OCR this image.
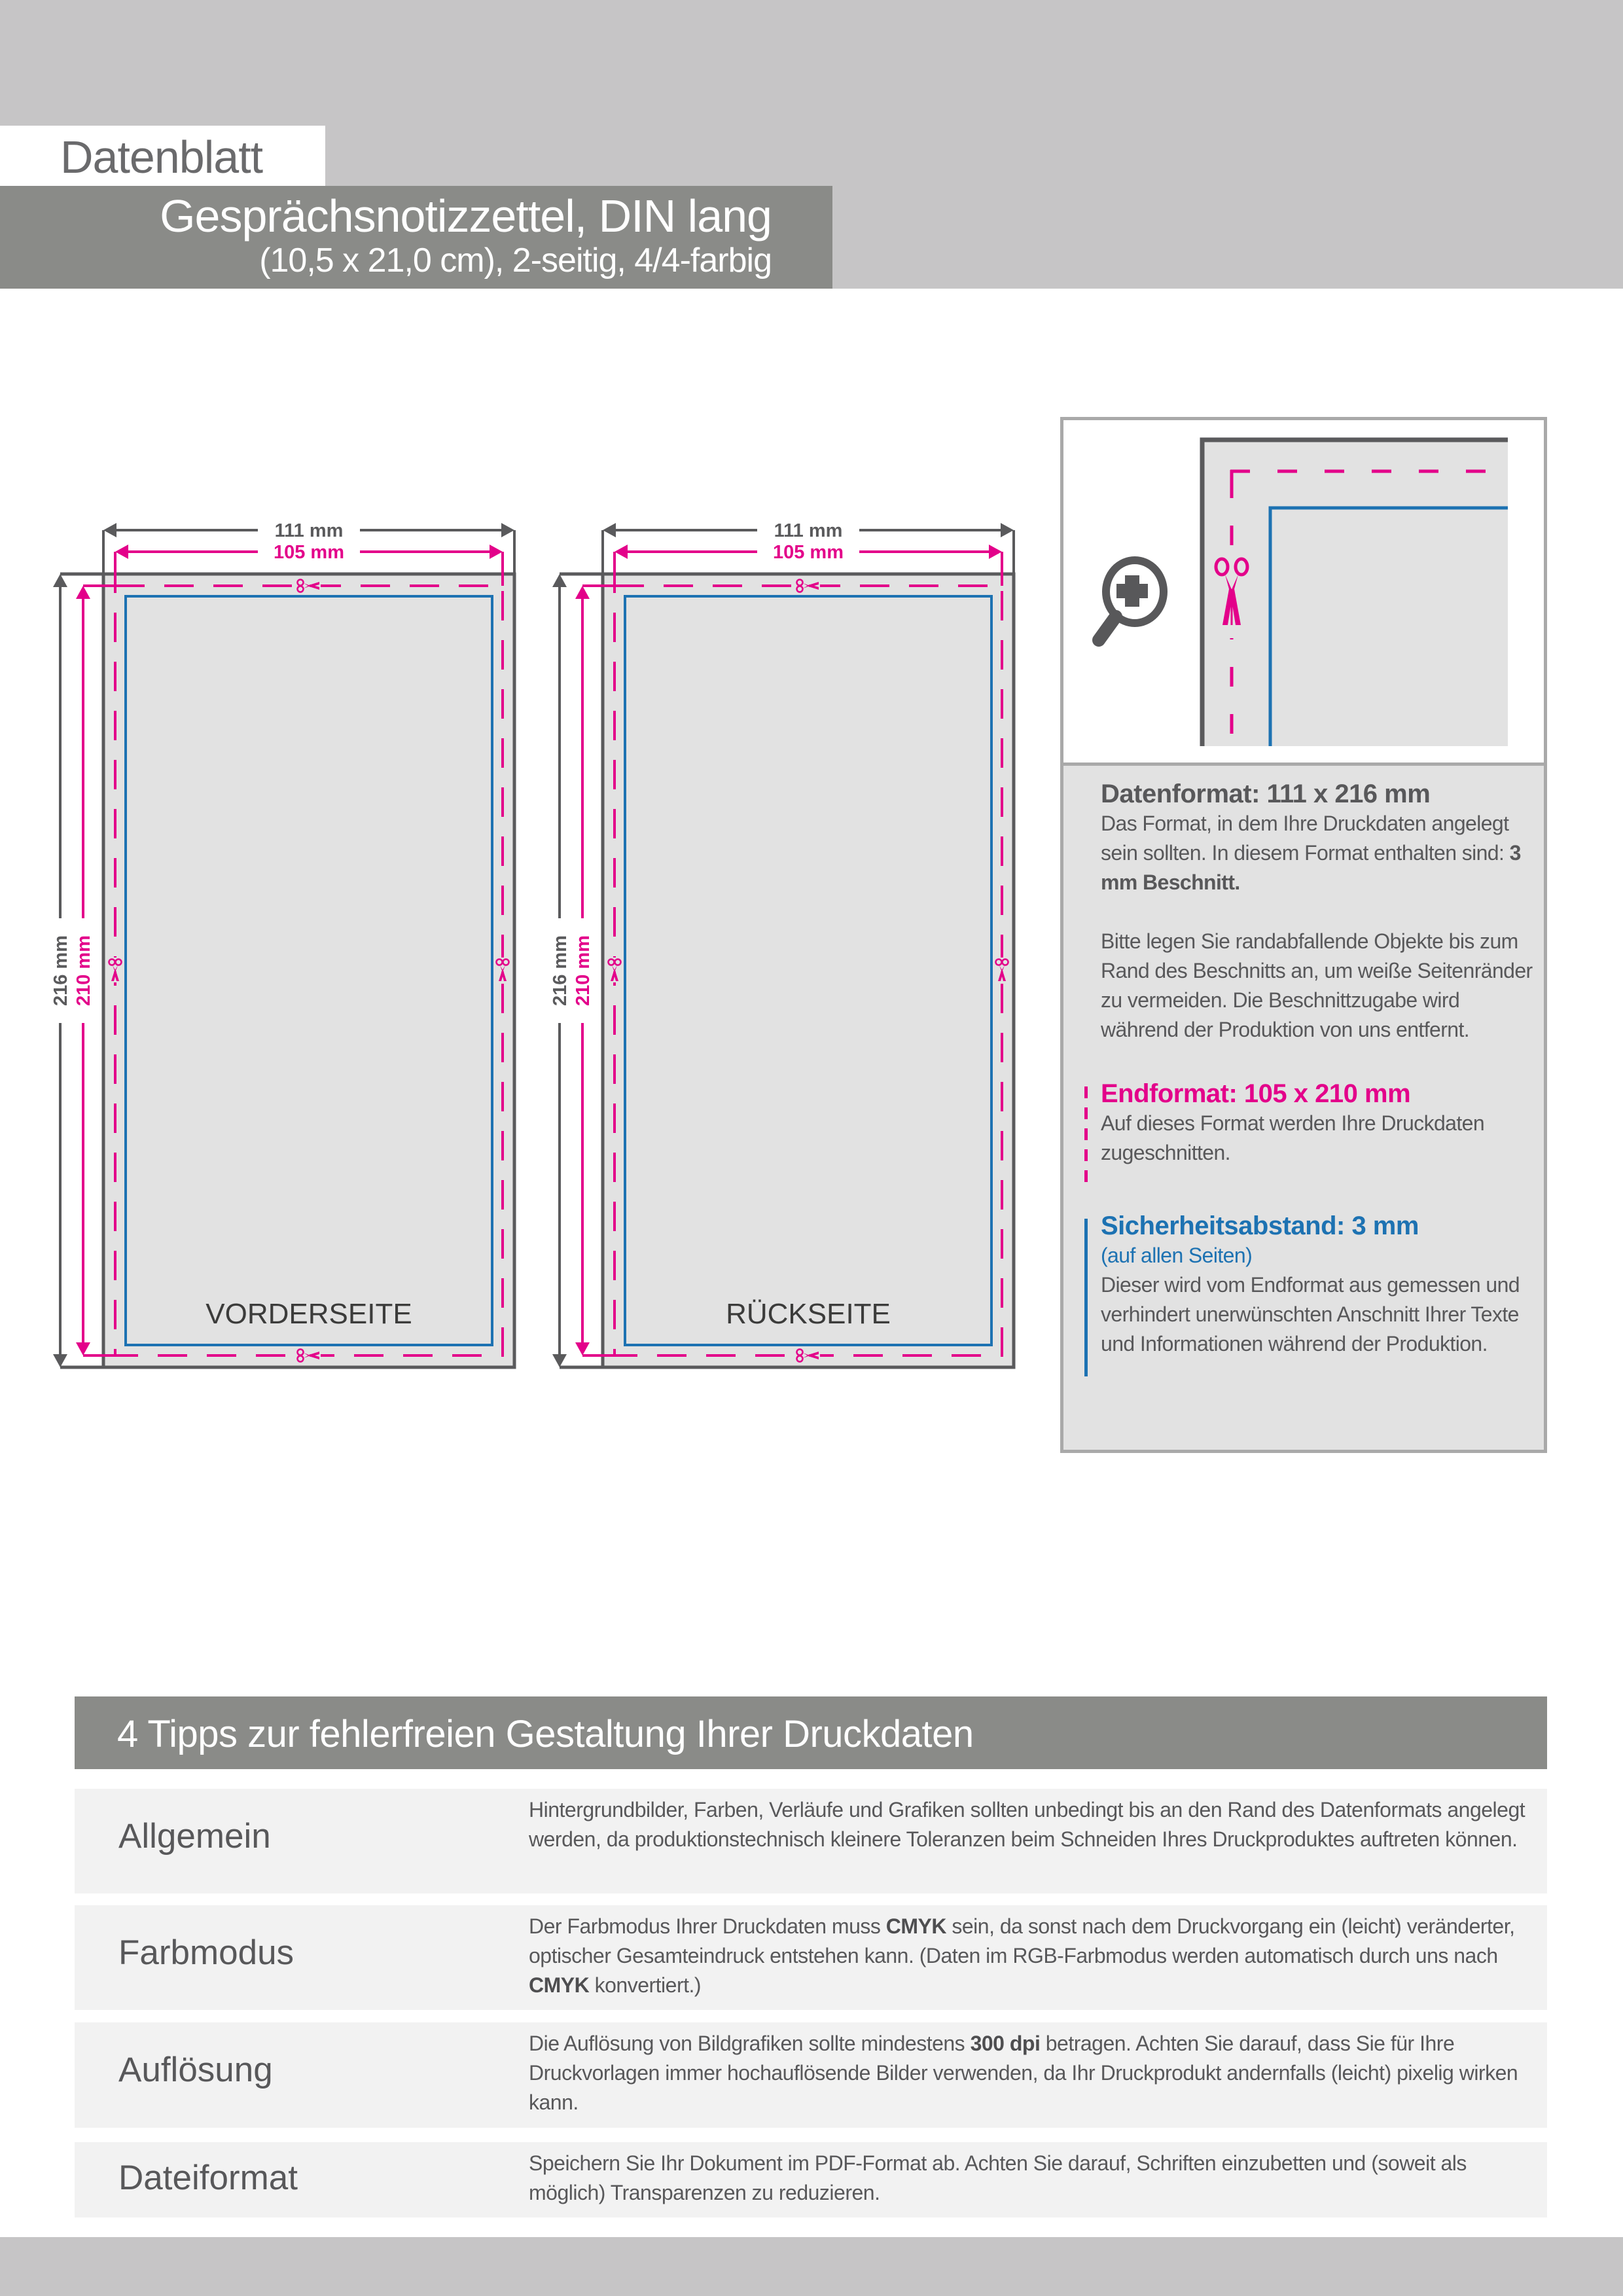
Datenblatt
Gesprächsnotizzettel, DIN lang
(10,5 x 21,0 cm), 2-seitig, 4/4-farbig
111 mm
105 mm
216 mm 210 mm
VORDERSEITE
111 mm
105 mm
216 mm 210 mm
RÜCKSEITE
Datenformat: 111 x 216 mm

Das Format, in dem Ihre Druckdaten angelegt sein sollten. In diesem Format enthalten sind: 3 mm Beschnitt.

Bitte legen Sie randabfallende Objekte bis zum Rand des Beschnitts an, um weiße Seitenränder zu vermeiden. Die Beschnittzugabe wird während der Produktion von uns entfernt.

Endformat: 105 x 210 mm

Auf dieses Format werden Ihre Druckdaten zugeschnitten.

Sicherheitsabstand: 3 mm

(auf allen Seiten)

Dieser wird vom Endformat aus gemessen und verhindert unerwünschten Anschnitt Ihrer Texte und Informationen während der Produktion.

4 Tipps zur fehlerfreien Gestaltung Ihrer Druckdaten
Allgemein
Hintergrundbilder, Farben, Verläufe und Grafiken sollten unbedingt bis an den Rand des Datenformats angelegt werden, da produktionstechnisch kleinere Toleranzen beim Schneiden Ihres Druckproduktes auftreten können.
Farbmodus
Der Farbmodus Ihrer Druckdaten muss CMYK sein, da sonst nach dem Druckvorgang ein (leicht) veränderter, optischer Gesamteindruck entstehen kann. (Daten im RGB-Farbmodus werden automatisch durch uns nach CMYK konvertiert.)
Auflösung
Die Auflösung von Bildgrafiken sollte mindestens 300 dpi betragen. Achten Sie darauf, dass Sie für Ihre Druckvorlagen immer hochauflösende Bilder verwenden, da Ihr Druckprodukt andernfalls (leicht) pixelig wirken kann.
Dateiformat	Speichern Sie Ihr Dokument im PDF-Format ab. Achten Sie darauf, Schriften einzubetten und (soweit als möglich) Transparenzen zu reduzieren.
